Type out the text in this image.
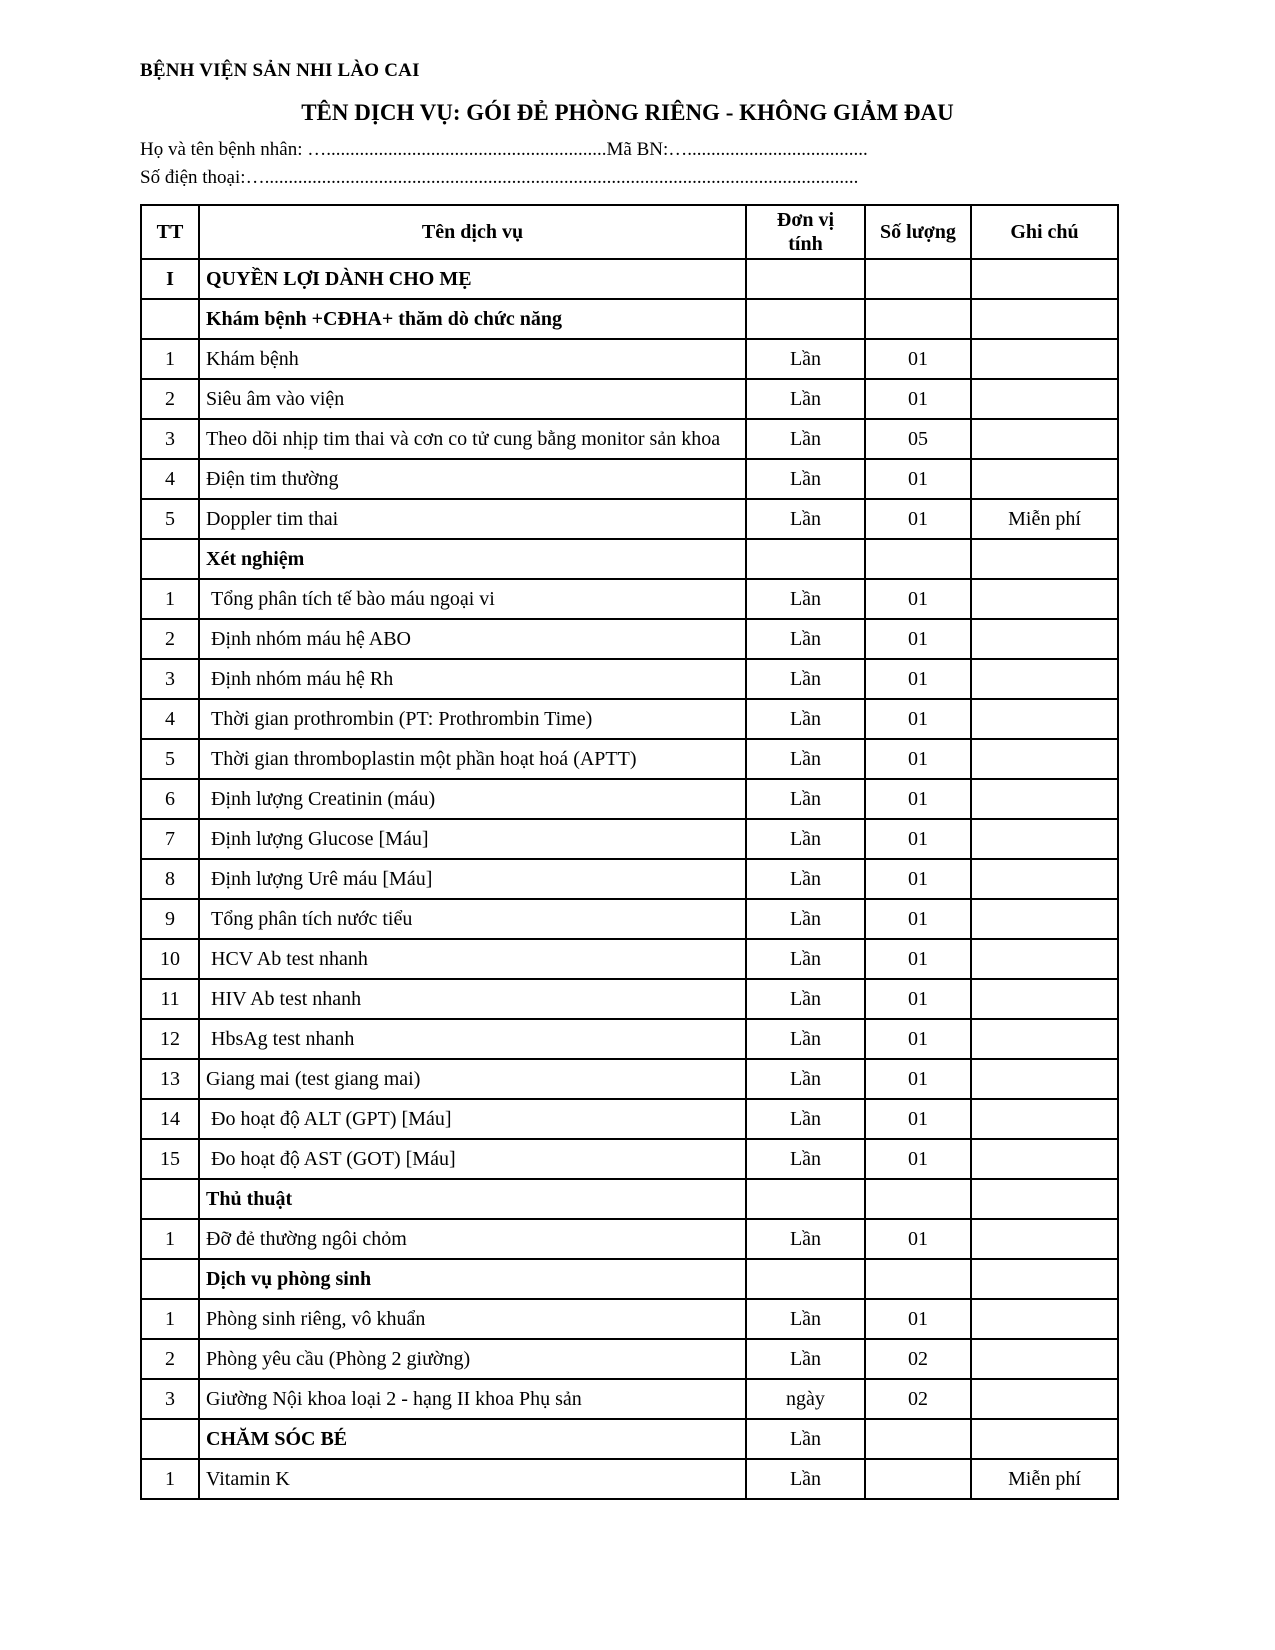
BỆNH VIỆN SẢN NHI LÀO CAI

TÊN DỊCH VỤ: GÓI ĐẺ PHÒNG RIÊNG - KHÔNG GIẢM ĐAU

Họ và tên bệnh nhân: …...........................................................Mã BN:…......................................
Số điện thoại:….............................................................................................................................
TT	Tên dịch vụ	Đơn vị tính	Số lượng	Ghi chú
I	QUYỀN LỢI DÀNH CHO MẸ			
	Khám bệnh +CĐHA+ thăm dò chức năng			
1	Khám bệnh	Lần	01	
2	Siêu âm vào viện	Lần	01	
3	Theo dõi nhịp tim thai và cơn co tử cung bằng monitor sản khoa	Lần	05	
4	Điện tim thường	Lần	01	
5	Doppler tim thai	Lần	01	Miễn phí
	Xét nghiệm			
1	Tổng phân tích tế bào máu ngoại vi	Lần	01	
2	Định nhóm máu hệ ABO	Lần	01	
3	Định nhóm máu hệ Rh	Lần	01	
4	Thời gian prothrombin (PT: Prothrombin Time)	Lần	01	
5	Thời gian thromboplastin một phần hoạt hoá (APTT)	Lần	01	
6	Định lượng Creatinin (máu)	Lần	01	
7	Định lượng Glucose [Máu]	Lần	01	
8	Định lượng Urê máu [Máu]	Lần	01	
9	Tổng phân tích nước tiểu	Lần	01	
10	HCV Ab test nhanh	Lần	01	
11	HIV Ab test nhanh	Lần	01	
12	HbsAg test nhanh	Lần	01	
13	Giang mai (test giang mai)	Lần	01	
14	Đo hoạt độ ALT (GPT) [Máu]	Lần	01	
15	Đo hoạt độ AST (GOT) [Máu]	Lần	01	
	Thủ thuật			
1	Đỡ đẻ thường ngôi chỏm	Lần	01	
	Dịch vụ phòng sinh			
1	Phòng sinh riêng, vô khuẩn	Lần	01	
2	Phòng yêu cầu (Phòng 2 giường)	Lần	02	
3	Giường Nội khoa loại 2 - hạng II khoa Phụ sản	ngày	02	
	CHĂM SÓC BÉ	Lần		
1	Vitamin K	Lần		Miễn phí
